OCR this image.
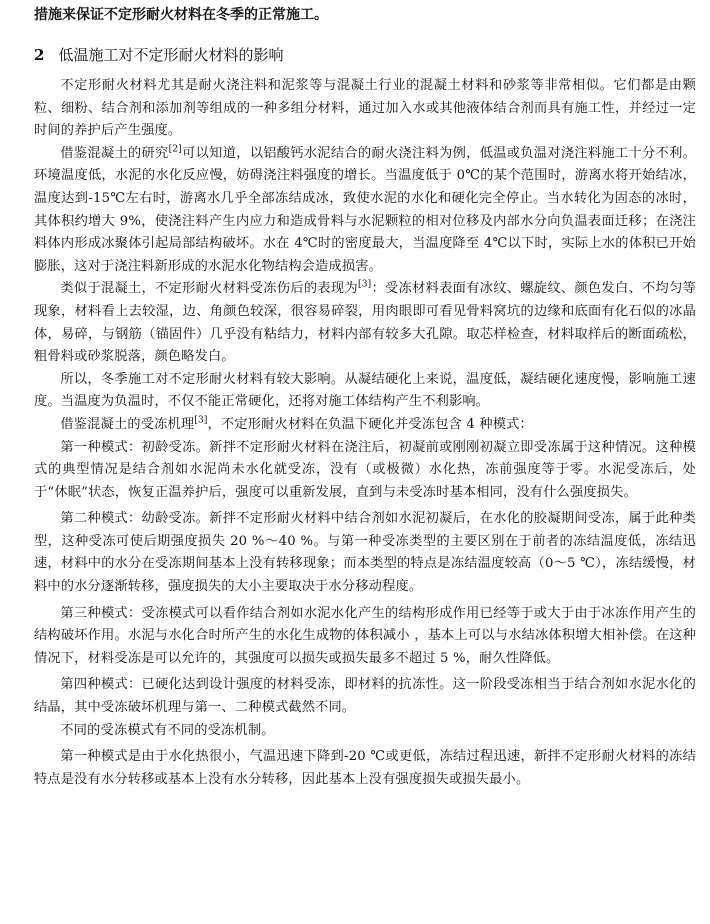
措施来保证不定形耐火材料在冬季的正常施工。
2 低温施工对不定形耐火材料的影响

不定形耐火材料尤其是耐火浇注料和泥浆等与混凝土行业的混凝土材料和砂浆等非常相似。它们都是由颗粒、细粉、结合剂和添加剂等组成的一种多组分材料，通过加入水或其他液体结合剂而具有施工性，并经过一定时间的养护后产生强度。

借鉴混凝土的研究[2]可以知道，以铝酸钙水泥结合的耐火浇注料为例，低温或负温对浇注料施工十分不利。环境温度低，水泥的水化反应慢，妨碍浇注料强度的增长。当温度低于 0℃的某个范围时，游离水将开始结冰，温度达到-15℃左右时，游离水几乎全部冻结成冰，致使水泥的水化和硬化完全停止。当水转化为固态的冰时，其体积约增大 9%，使浇注料产生内应力和造成骨料与水泥颗粒的相对位移及内部水分向负温表面迁移；在浇注料体内形成冰聚体引起局部结构破坏。水在 4℃时的密度最大，当温度降至 4℃以下时，实际上水的体积已开始膨胀，这对于浇注料新形成的水泥水化物结构会造成损害。

类似于混凝土，不定形耐火材料受冻伤后的表现为[3]：受冻材料表面有冰纹、螺旋纹、颜色发白、不均匀等现象，材料看上去较湿，边、角颜色较深，很容易碎裂，用肉眼即可看见骨料窝坑的边缘和底面有化石似的冰晶体，易碎，与钢筋（锚固件）几乎没有粘结力，材料内部有较多大孔隙。取芯样检查，材料取样后的断面疏松，粗骨料或砂浆脱落，颜色略发白。

所以，冬季施工对不定形耐火材料有较大影响。从凝结硬化上来说，温度低，凝结硬化速度慢，影响施工速度。当温度为负温时，不仅不能正常硬化，还将对施工体结构产生不利影响。

借鉴混凝土的受冻机理[3]，不定形耐火材料在负温下硬化并受冻包含 4 种模式：

第一种模式：初龄受冻。新拌不定形耐火材料在浇注后，初凝前或刚刚初凝立即受冻属于这种情况。这种模式的典型情况是结合剂如水泥尚未水化就受冻，没有（或极微）水化热，冻前强度等于零。水泥受冻后，处于“休眠”状态，恢复正温养护后，强度可以重新发展，直到与未受冻时基本相同，没有什么强度损失。

第二种模式：幼龄受冻。新拌不定形耐火材料中结合剂如水泥初凝后，在水化的胶凝期间受冻，属于此种类型，这种受冻可使后期强度损失 20 %～40 %。与第一种受冻类型的主要区别在于前者的冻结温度低，冻结迅速，材料中的水分在受冻期间基本上没有转移现象；而本类型的特点是冻结温度较高（0～5 ℃），冻结缓慢，材料中的水分逐渐转移，强度损失的大小主要取决于水分移动程度。

第三种模式：受冻模式可以看作结合剂如水泥水化产生的结构形成作用已经等于或大于由于冰冻作用产生的结构破坏作用。水泥与水化合时所产生的水化生成物的体积减小 ，基本上可以与水结冰体积增大相补偿。在这种情况下，材料受冻是可以允许的，其强度可以损失或损失最多不超过 5 %，耐久性降低。

第四种模式：已硬化达到设计强度的材料受冻，即材料的抗冻性。这一阶段受冻相当于结合剂如水泥水化的结晶，其中受冻破坏机理与第一、二种模式截然不同。

不同的受冻模式有不同的受冻机制。

第一种模式是由于水化热很小，气温迅速下降到-20 ℃或更低，冻结过程迅速，新拌不定形耐火材料的冻结特点是没有水分转移或基本上没有水分转移，因此基本上没有强度损失或损失最小。
